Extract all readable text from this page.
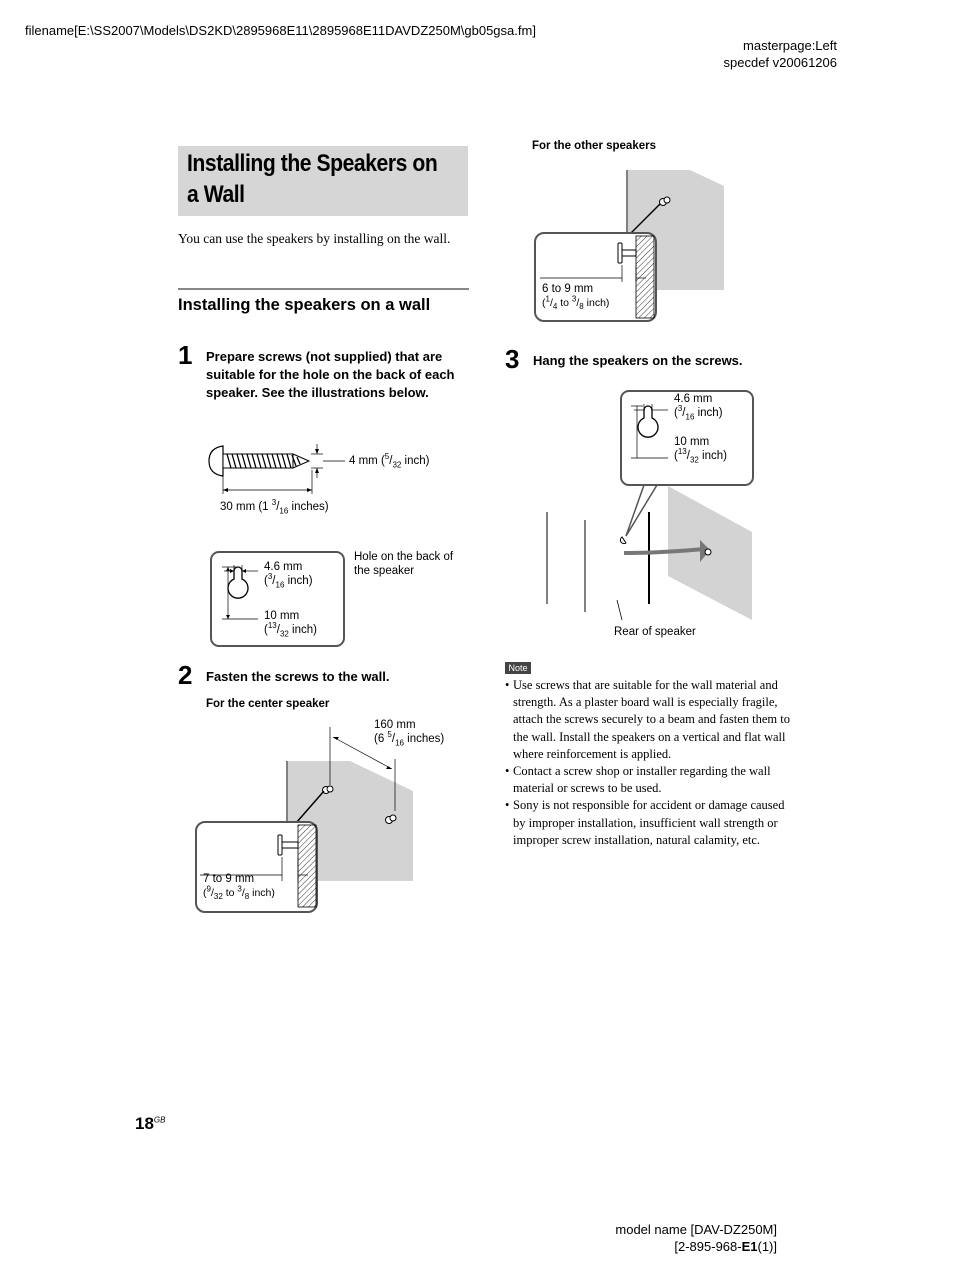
filename[E:\SS2007\Models\DS2KD\2895968E11\2895968E11DAVDZ250M\gb05gsa.fm]
masterpage:Left
specdef v20061206
Installing the Speakers on
a Wall
You can use the speakers by installing on the wall.
Installing the speakers on a wall
1 Prepare screws (not supplied) that are suitable for the hole on the back of each speaker. See the illustrations below.
4 mm ($^5/_{32}$ inch)
30 mm (1 $^3/_{16}$ inches)
4.6 mm
($^3/_{16}$ inch)
10 mm
($^{13}/_{32}$ inch)
Hole on the back of
the speaker
2 Fasten the screws to the wall.
For the center speaker
160 mm
(6 $^5/_{16}$ inches)
7 to 9 mm
($^9/_{32}$ to $^3/_8$ inch)
For the other speakers
6 to 9 mm
($^1/_4$ to $^3/_8$ inch)
3 Hang the speakers on the screws.
4.6 mm
($^3/_{16}$ inch)
10 mm
($^{13}/_{32}$ inch)
Rear of speaker
Note
• Use screws that are suitable for the wall material and strength. As a plaster board wall is especially fragile, attach the screws securely to a beam and fasten them to the wall. Install the speakers on a vertical and flat wall where reinforcement is applied.
• Contact a screw shop or installer regarding the wall material or screws to be used.
• Sony is not responsible for accident or damage caused by improper installation, insufficient wall strength or improper screw installation, natural calamity, etc.
$18^{GB}$
model name [DAV-DZ250M]
[2-895-968-E1(1)]
